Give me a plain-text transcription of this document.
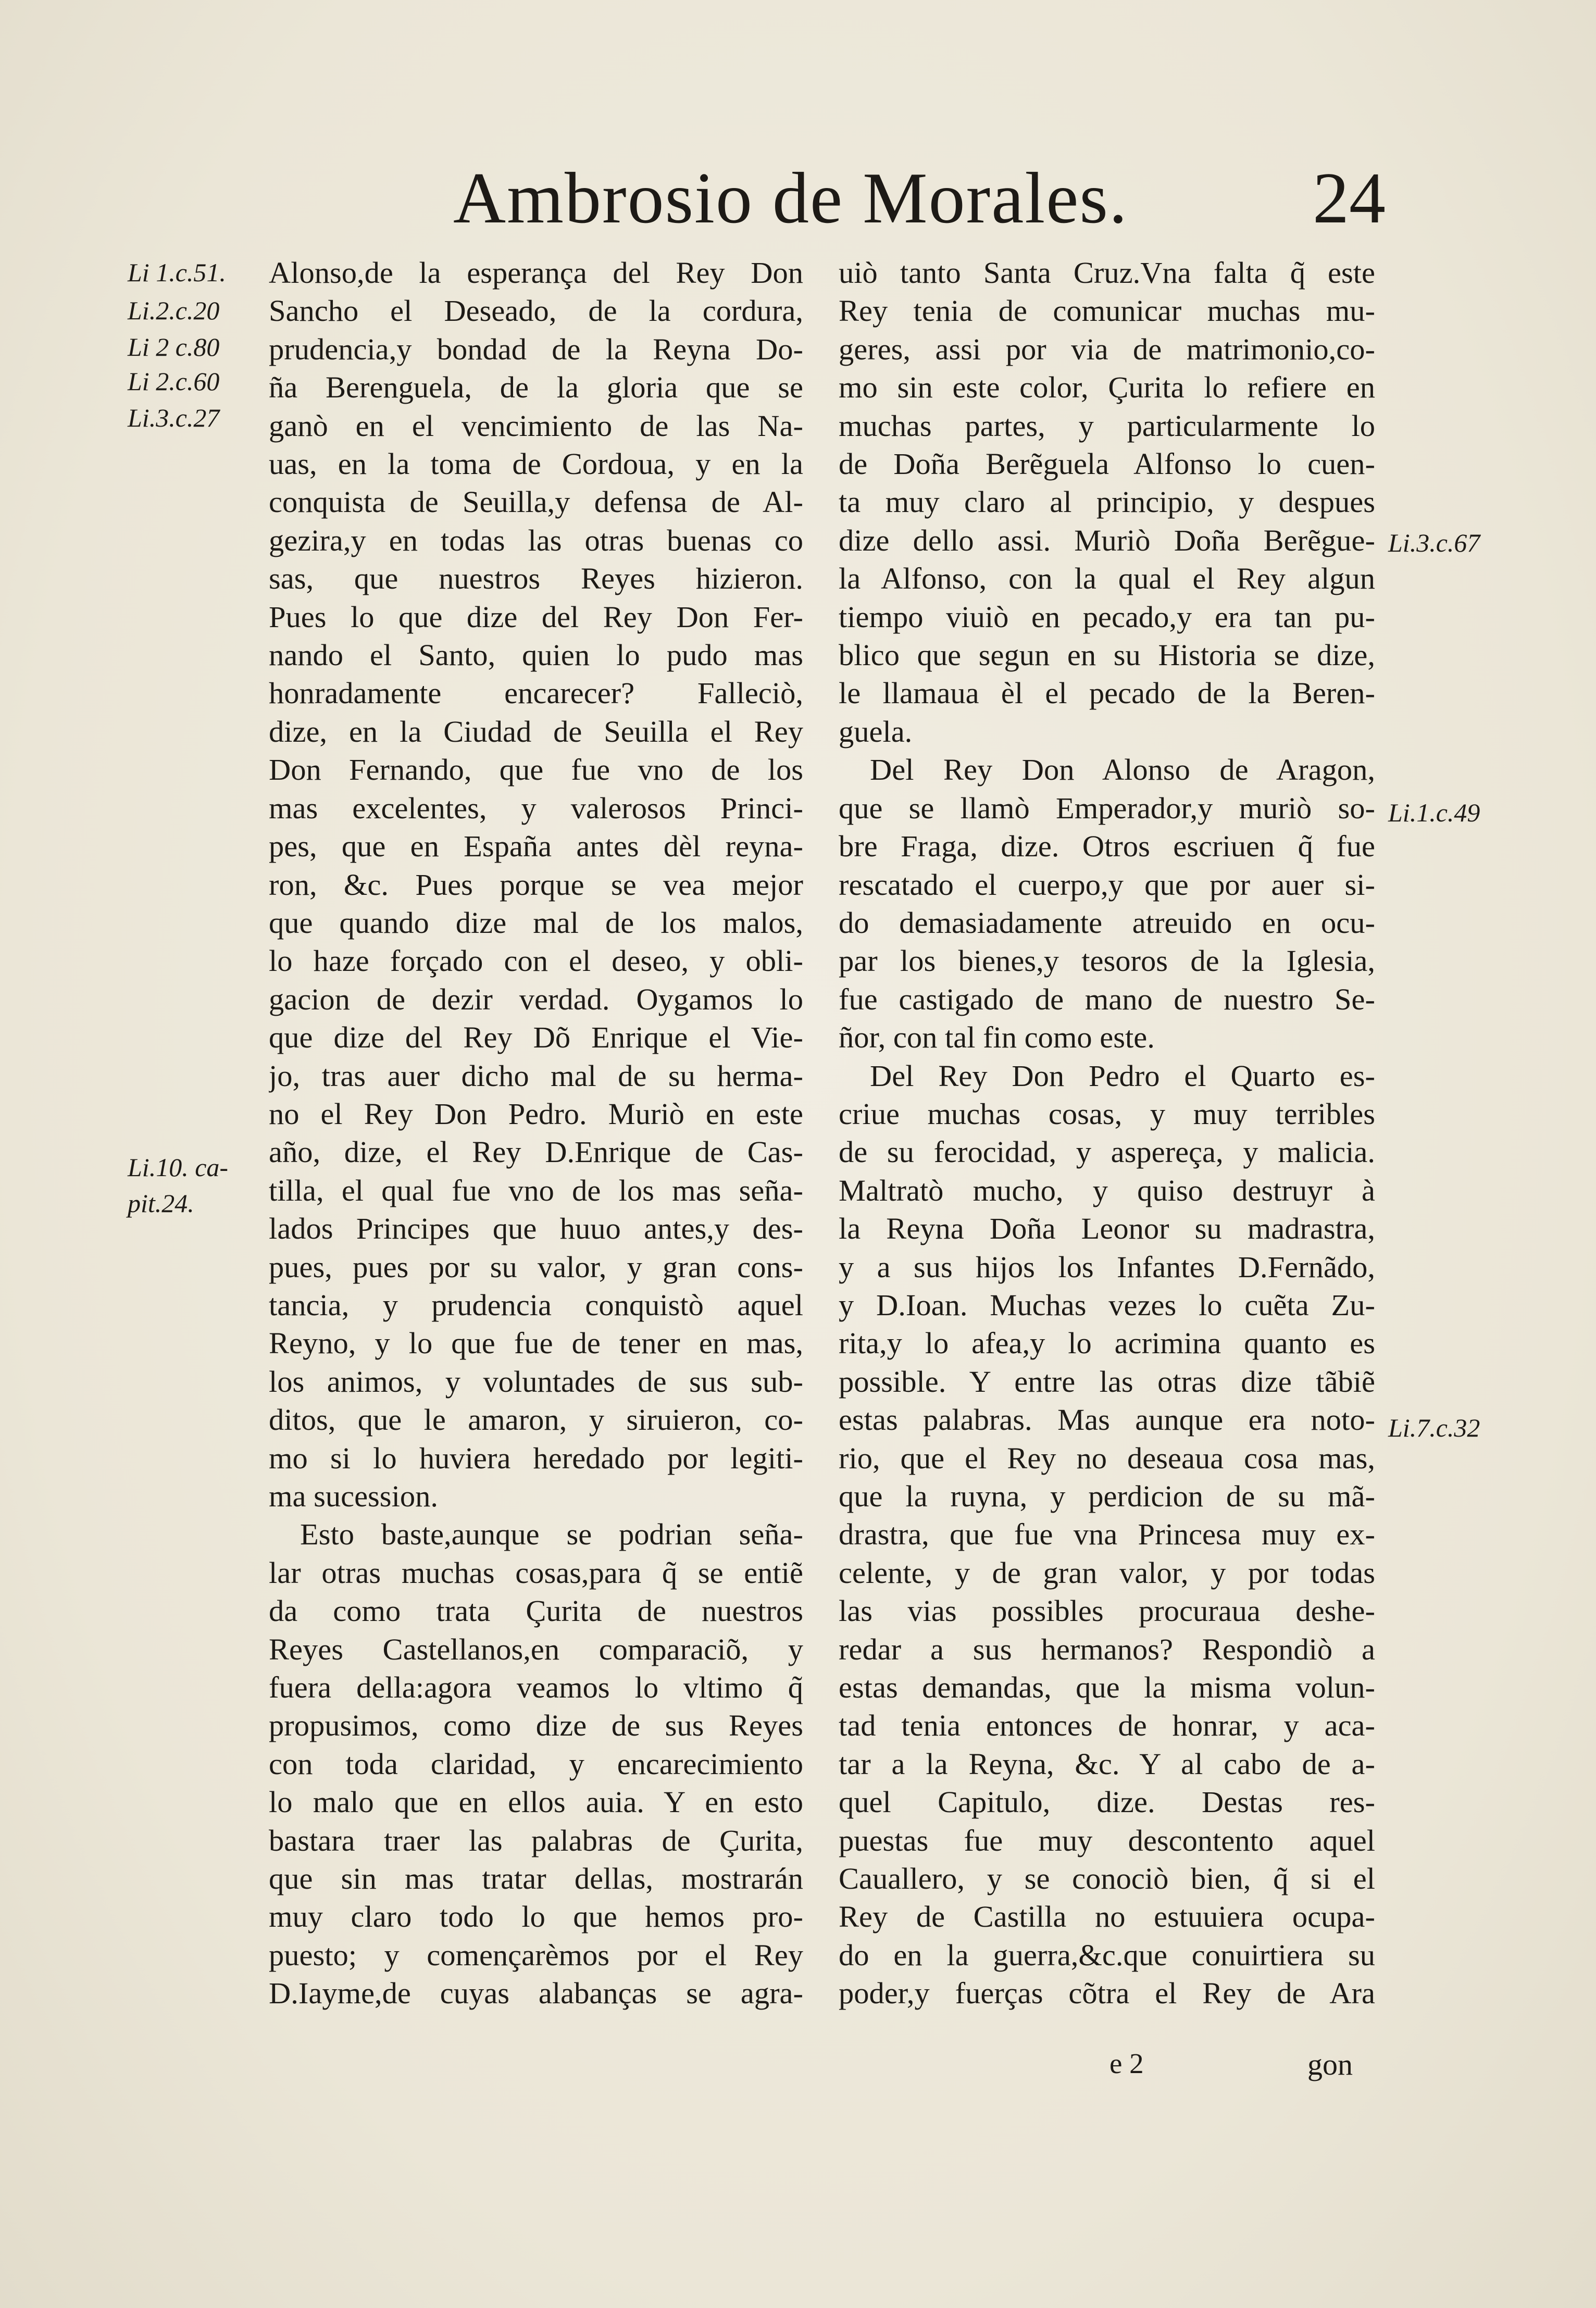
Ambrosio de Morales.	24
Li 1.c.51.
Li.2.c.20
Li 2 c.80
Li 2.c.60
Li.3.c.27
Li.10. ca-
pit.24.
Li.3.c.67
Li.1.c.49
Li.7.c.32
Alonso,de la esperança del Rey Don
Sancho el Deseado, de la cordura,
prudencia,y bondad de la Reyna Do-
ña Berenguela, de la gloria que se
ganò en el vencimiento de las Na-
uas, en la toma de Cordoua, y en la
conquista de Seuilla,y defensa de Al-
gezira,y en todas las otras buenas co
sas, que nuestros Reyes hizieron.
Pues lo que dize del Rey Don Fer-
nando el Santo, quien lo pudo mas
honradamente encarecer? Falleciò,
dize, en la Ciudad de Seuilla el Rey
Don Fernando, que fue vno de los
mas excelentes, y valerosos Princi-
pes, que en España antes dèl reyna-
ron, &c. Pues porque se vea mejor
que quando dize mal de los malos,
lo haze forçado con el deseo, y obli-
gacion de dezir verdad. Oygamos lo
que dize del Rey Dõ Enrique el Vie-
jo, tras auer dicho mal de su herma-
no el Rey Don Pedro. Muriò en este
año, dize, el Rey D.Enrique de Cas-
tilla, el qual fue vno de los mas seña-
lados Principes que huuo antes,y des-
pues, pues por su valor, y gran cons-
tancia, y prudencia conquistò aquel
Reyno, y lo que fue de tener en mas,
los animos, y voluntades de sus sub-
ditos, que le amaron, y siruieron, co-
mo si lo huviera heredado por legiti-
ma sucession.
Esto baste,aunque se podrian seña-
lar otras muchas cosas,para q̃ se entiẽ
da como trata Çurita de nuestros
Reyes Castellanos,en comparaciõ, y
fuera della:agora veamos lo vltimo q̃
propusimos, como dize de sus Reyes
con toda claridad, y encarecimiento
lo malo que en ellos auia. Y en esto
bastara traer las palabras de Çurita,
que sin mas tratar dellas, mostrarán
muy claro todo lo que hemos pro-
puesto; y començarèmos por el Rey
D.Iayme,de cuyas alabanças se agra-
uiò tanto Santa Cruz.Vna falta q̃ este
Rey tenia de comunicar muchas mu-
geres, assi por via de matrimonio,co-
mo sin este color, Çurita lo refiere en
muchas partes, y particularmente lo
de Doña Berẽguela Alfonso lo cuen-
ta muy claro al principio, y despues
dize dello assi. Muriò Doña Berẽgue-
la Alfonso, con la qual el Rey algun
tiempo viuiò en pecado,y era tan pu-
blico que segun en su Historia se dize,
le llamaua èl el pecado de la Beren-
guela.
Del Rey Don Alonso de Aragon,
que se llamò Emperador,y muriò so-
bre Fraga, dize. Otros escriuen q̃ fue
rescatado el cuerpo,y que por auer si-
do demasiadamente atreuido en ocu-
par los bienes,y tesoros de la Iglesia,
fue castigado de mano de nuestro Se-
ñor, con tal fin como este.
Del Rey Don Pedro el Quarto es-
criue muchas cosas, y muy terribles
de su ferocidad, y aspereça, y malicia.
Maltratò mucho, y quiso destruyr à
la Reyna Doña Leonor su madrastra,
y a sus hijos los Infantes D.Fernãdo,
y D.Ioan. Muchas vezes lo cuẽta Zu-
rita,y lo afea,y lo acrimina quanto es
possible. Y entre las otras dize tãbiẽ
estas palabras. Mas aunque era noto-
rio, que el Rey no deseaua cosa mas,
que la ruyna, y perdicion de su mã-
drastra, que fue vna Princesa muy ex-
celente, y de gran valor, y por todas
las vias possibles procuraua deshe-
redar a sus hermanos? Respondiò a
estas demandas, que la misma volun-
tad tenia entonces de honrar, y aca-
tar a la Reyna, &c. Y al cabo de a-
quel Capitulo, dize. Destas res-
puestas fue muy descontento aquel
Cauallero, y se conociò bien, q̃ si el
Rey de Castilla no estuuiera ocupa-
do en la guerra,&c.que conuirtiera su
poder,y fuerças cõtra el Rey de Ara
e 2	gon
